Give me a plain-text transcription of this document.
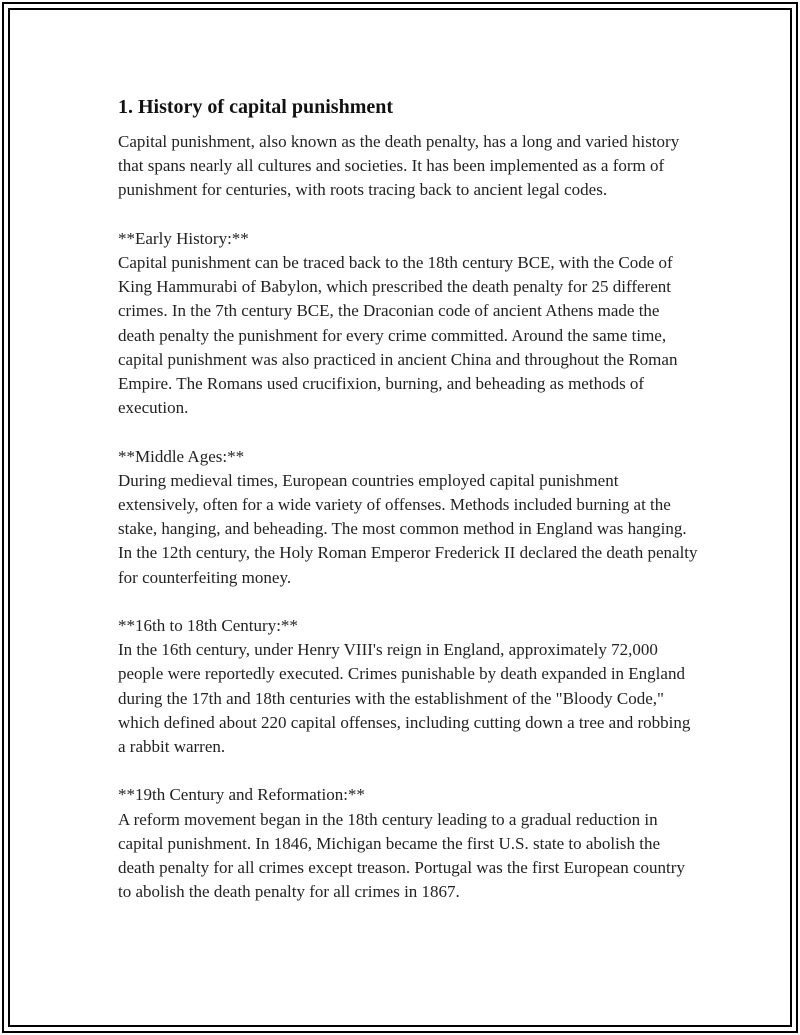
1. History of capital punishment

Capital punishment, also known as the death penalty, has a long and varied history that spans nearly all cultures and societies. It has been implemented as a form of punishment for centuries, with roots tracing back to ancient legal codes.

**Early History:**
Capital punishment can be traced back to the 18th century BCE, with the Code of King Hammurabi of Babylon, which prescribed the death penalty for 25 different crimes. In the 7th century BCE, the Draconian code of ancient Athens made the death penalty the punishment for every crime committed. Around the same time, capital punishment was also practiced in ancient China and throughout the Roman Empire. The Romans used crucifixion, burning, and beheading as methods of execution.
**Middle Ages:**
During medieval times, European countries employed capital punishment extensively, often for a wide variety of offenses. Methods included burning at the stake, hanging, and beheading. The most common method in England was hanging. In the 12th century, the Holy Roman Emperor Frederick II declared the death penalty for counterfeiting money.
**16th to 18th Century:**
In the 16th century, under Henry VIII's reign in England, approximately 72,000 people were reportedly executed. Crimes punishable by death expanded in England during the 17th and 18th centuries with the establishment of the "Bloody Code," which defined about 220 capital offenses, including cutting down a tree and robbing a rabbit warren.
**19th Century and Reformation:**
A reform movement began in the 18th century leading to a gradual reduction in capital punishment. In 1846, Michigan became the first U.S. state to abolish the death penalty for all crimes except treason. Portugal was the first European country to abolish the death penalty for all crimes in 1867.
